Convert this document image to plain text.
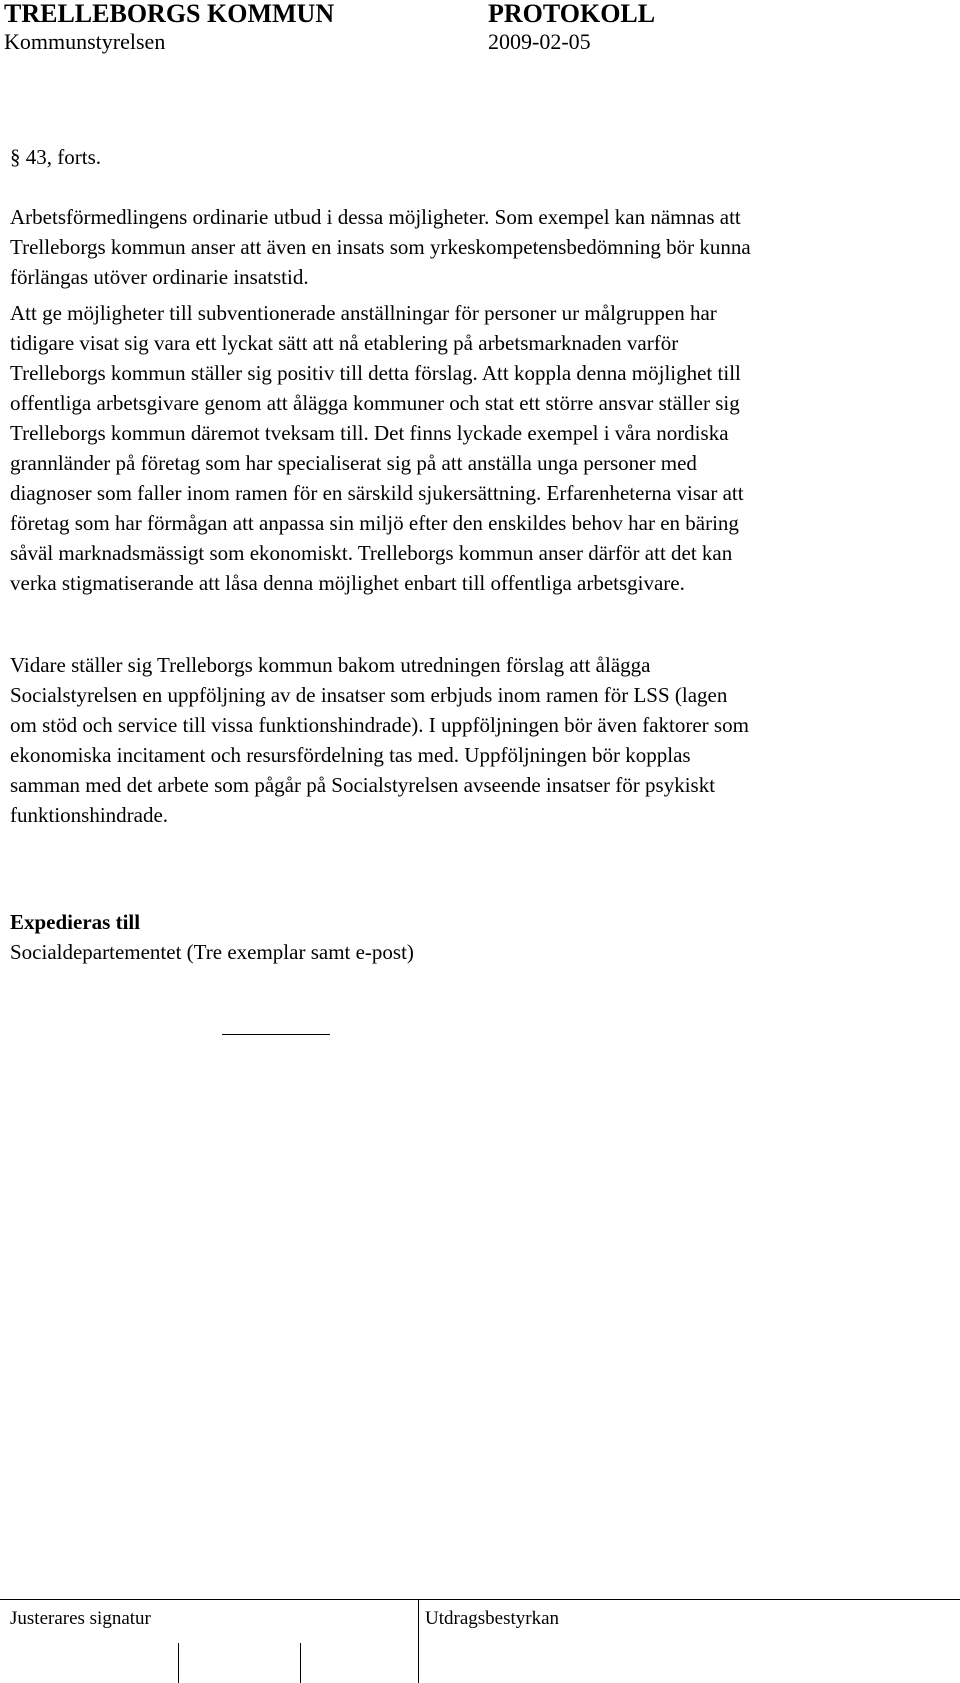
TRELLEBORGS KOMMUN	PROTOKOLL
Kommunstyrelsen	2009-02-05
§ 43, forts.
Arbetsförmedlingens ordinarie utbud i dessa möjligheter. Som exempel kan nämnas att
Trelleborgs kommun anser att även en insats som yrkeskompetensbedömning bör kunna
förlängas utöver ordinarie insatstid.
Att ge möjligheter till subventionerade anställningar för personer ur målgruppen har
tidigare visat sig vara ett lyckat sätt att nå etablering på arbetsmarknaden varför
Trelleborgs kommun ställer sig positiv till detta förslag. Att koppla denna möjlighet till
offentliga arbetsgivare genom att ålägga kommuner och stat ett större ansvar ställer sig
Trelleborgs kommun däremot tveksam till. Det finns lyckade exempel i våra nordiska
grannländer på företag som har specialiserat sig på att anställa unga personer med
diagnoser som faller inom ramen för en särskild sjukersättning. Erfarenheterna visar att
företag som har förmågan att anpassa sin miljö efter den enskildes behov har en bäring
såväl marknadsmässigt som ekonomiskt. Trelleborgs kommun anser därför att det kan
verka stigmatiserande att låsa denna möjlighet enbart till offentliga arbetsgivare.
Vidare ställer sig Trelleborgs kommun bakom utredningen förslag att ålägga
Socialstyrelsen en uppföljning av de insatser som erbjuds inom ramen för LSS (lagen
om stöd och service till vissa funktionshindrade). I uppföljningen bör även faktorer som
ekonomiska incitament och resursfördelning tas med. Uppföljningen bör kopplas
samman med det arbete som pågår på Socialstyrelsen avseende insatser för psykiskt
funktionshindrade.
Expedieras till
Socialdepartementet (Tre exemplar samt e-post)
Justerares signatur	Utdragsbestyrkan
